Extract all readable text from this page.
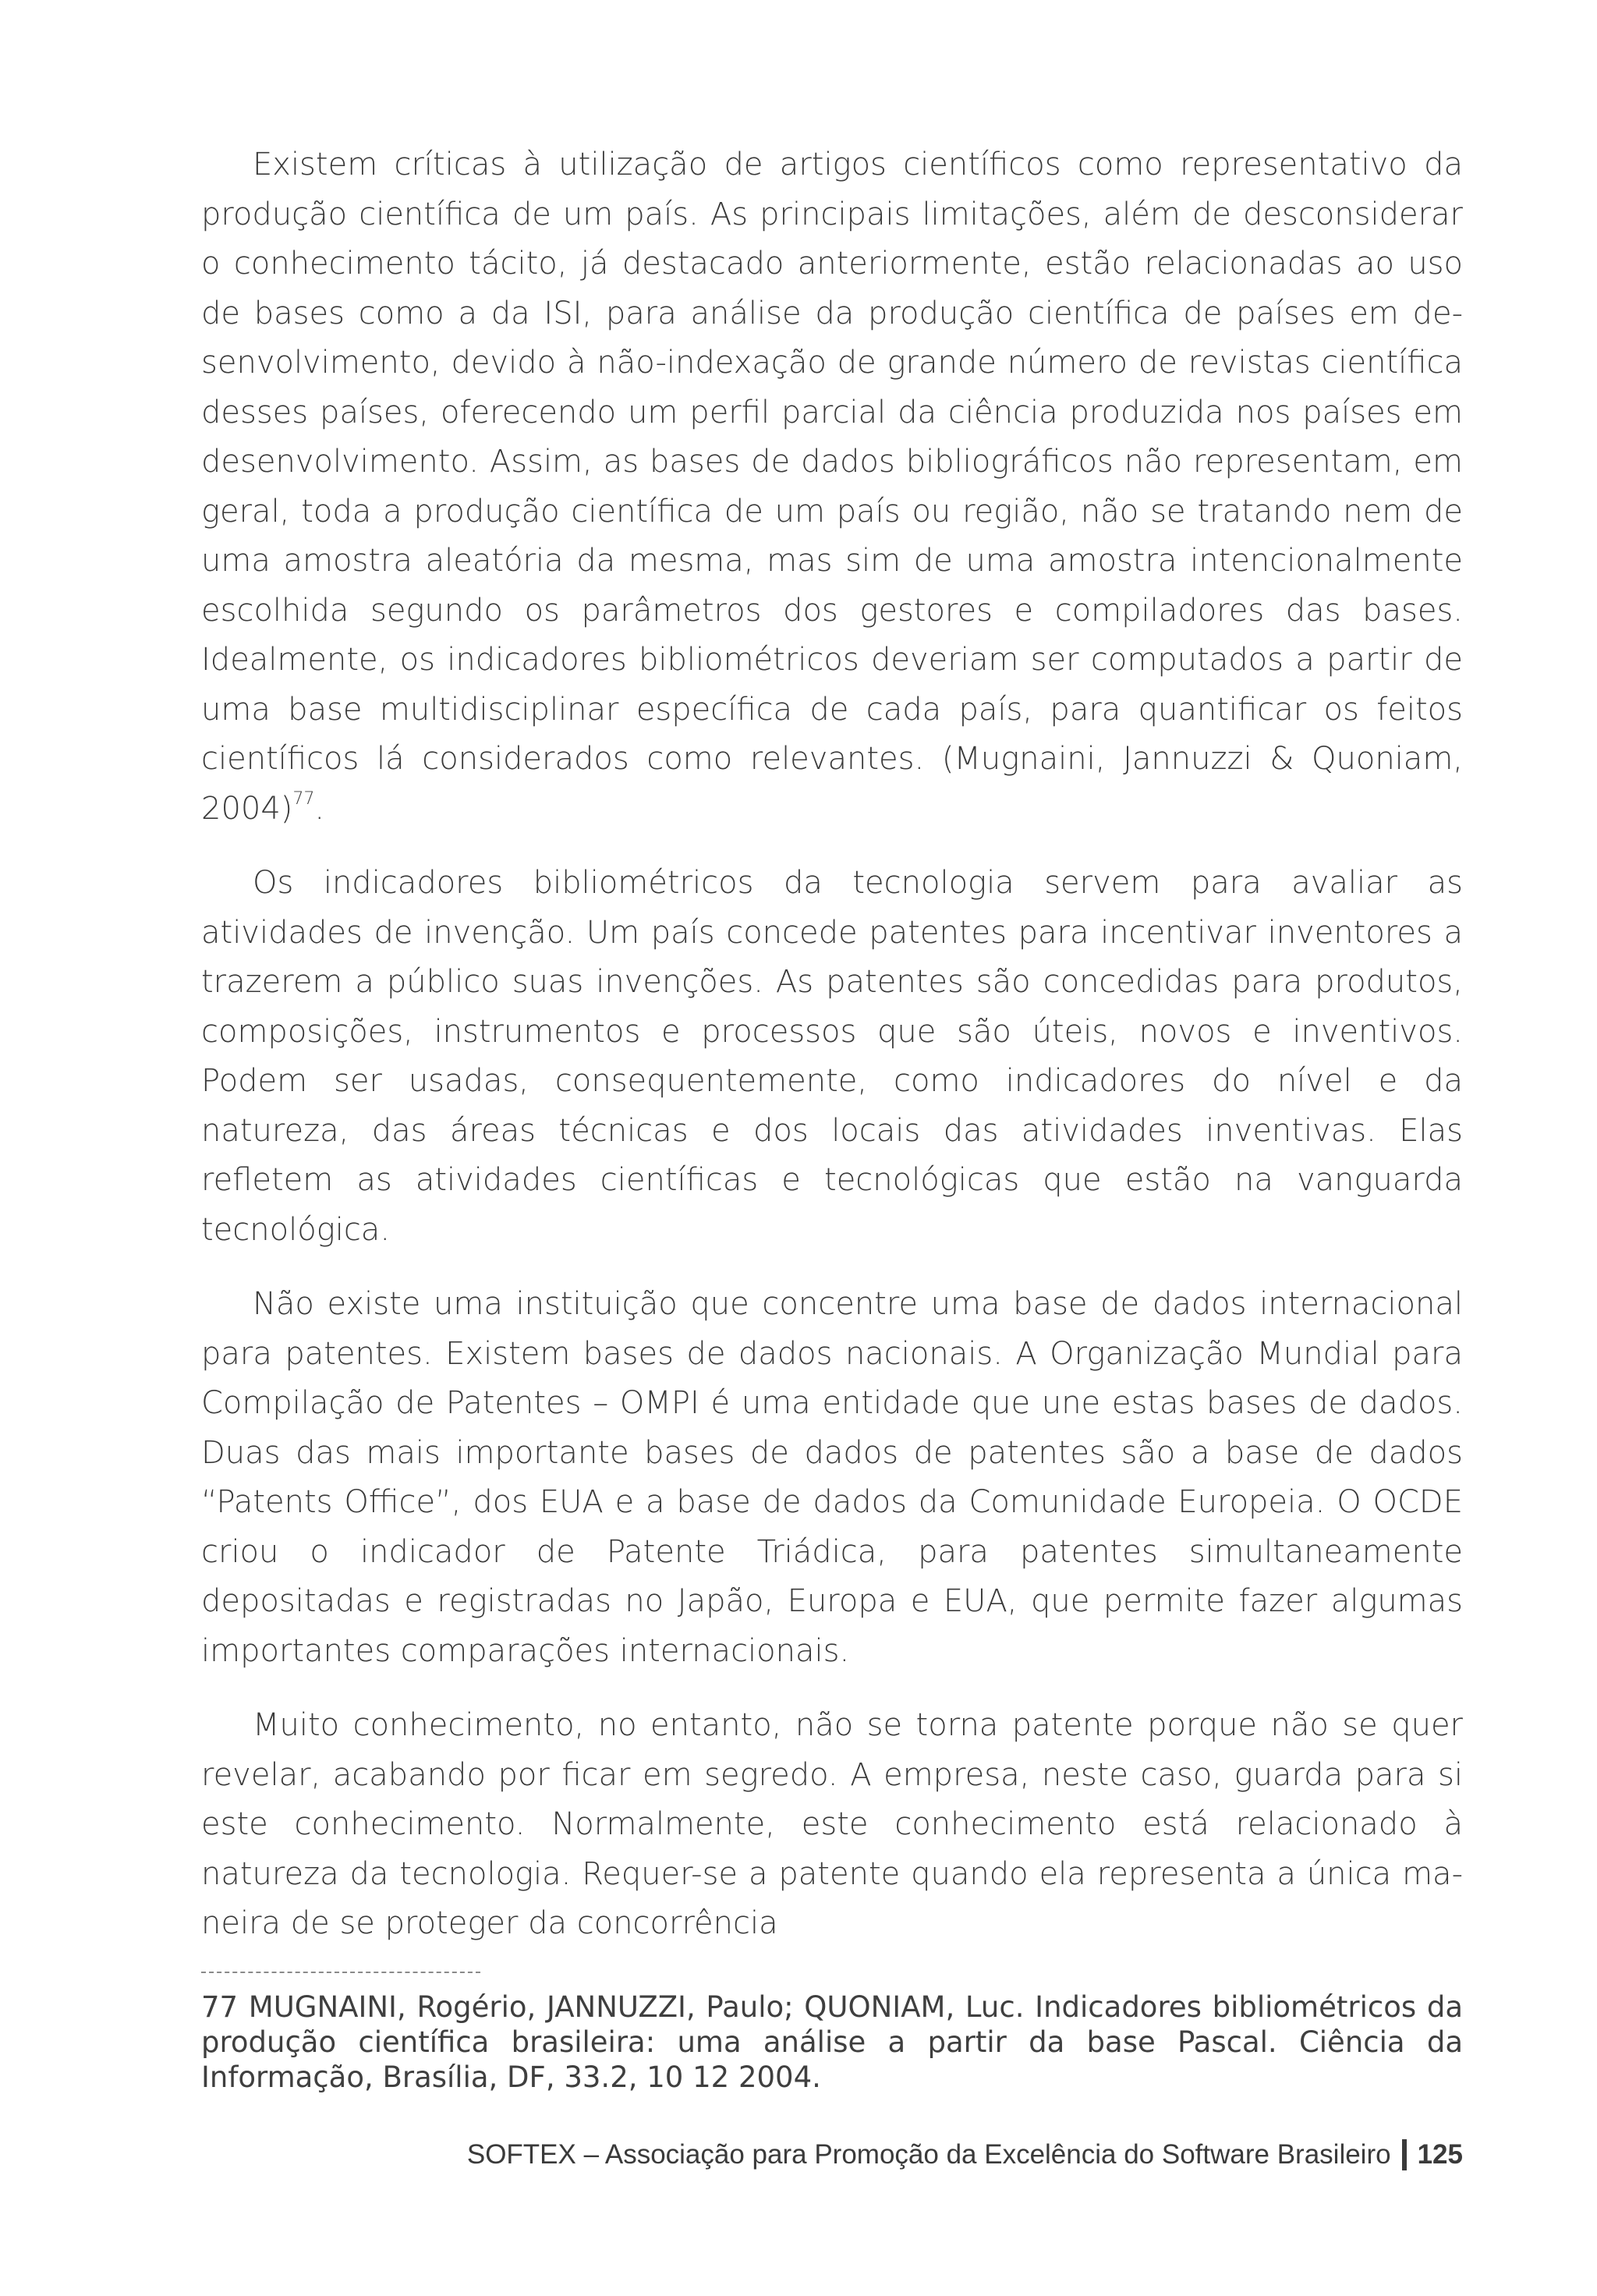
Existem críticas à utilização de artigos científicos como representativo da produção científica de um país. As principais limitações, além de desconsiderar o conhecimento tácito, já destacado anteriormente, estão relacionadas ao uso de bases como a da ISI, para análise da produção científica de países em desenvolvimento, devido à não-indexação de grande número de revistas científica desses países, oferecendo um perfil parcial da ciência produzida nos países em desenvolvimento. Assim, as bases de dados bibliográficos não representam, em geral, toda a produção científica de um país ou região, não se tratando nem de uma amostra aleatória da mesma, mas sim de uma amostra intencionalmente escolhida segundo os parâmetros dos gestores e compiladores das bases. Idealmente, os indicadores bibliométricos deveriam ser computados a partir de uma base multidisciplinar específica de cada país, para quantificar os feitos científicos lá considerados como relevantes. (Mugnaini, Jannuzzi & Quoniam, 2004)$^{77}$.

Os indicadores bibliométricos da tecnologia servem para avaliar as atividades de invenção. Um país concede patentes para incentivar inventores a trazerem a público suas invenções. As patentes são concedidas para produtos, composições, instrumentos e processos que são úteis, novos e inventivos. Podem ser usadas, consequentemente, como indicadores do nível e da natureza, das áreas técnicas e dos locais das atividades inventivas. Elas refletem as atividades científicas e tecnológicas que estão na vanguarda tecnológica.

Não existe uma instituição que concentre uma base de dados internacional para patentes. Existem bases de dados nacionais. A Organização Mundial para Compilação de Patentes – OMPI é uma entidade que une estas bases de dados. Duas das mais importante bases de dados de patentes são a base de dados “Patents Office”, dos EUA e a base de dados da Comunidade Europeia. O OCDE criou o indicador de Patente Triádica, para patentes simultaneamente depositadas e registradas no Japão, Europa e EUA, que permite fazer algumas importantes comparações internacionais.

Muito conhecimento, no entanto, não se torna patente porque não se quer revelar, acabando por ficar em segredo. A empresa, neste caso, guarda para si este conhecimento. Normalmente, este conhecimento está relacionado à natureza da tecnologia. Requer-se a patente quando ela representa a única maneira de se proteger da concorrência

77 MUGNAINI, Rogério, JANNUZZI, Paulo; QUONIAM, Luc. Indicadores bibliométricos da produção científica brasileira: uma análise a partir da base Pascal. Ciência da Informação, Brasília, DF, 33.2, 10 12 2004.
SOFTEX – Associação para Promoção da Excelência do Software Brasileiro 125
